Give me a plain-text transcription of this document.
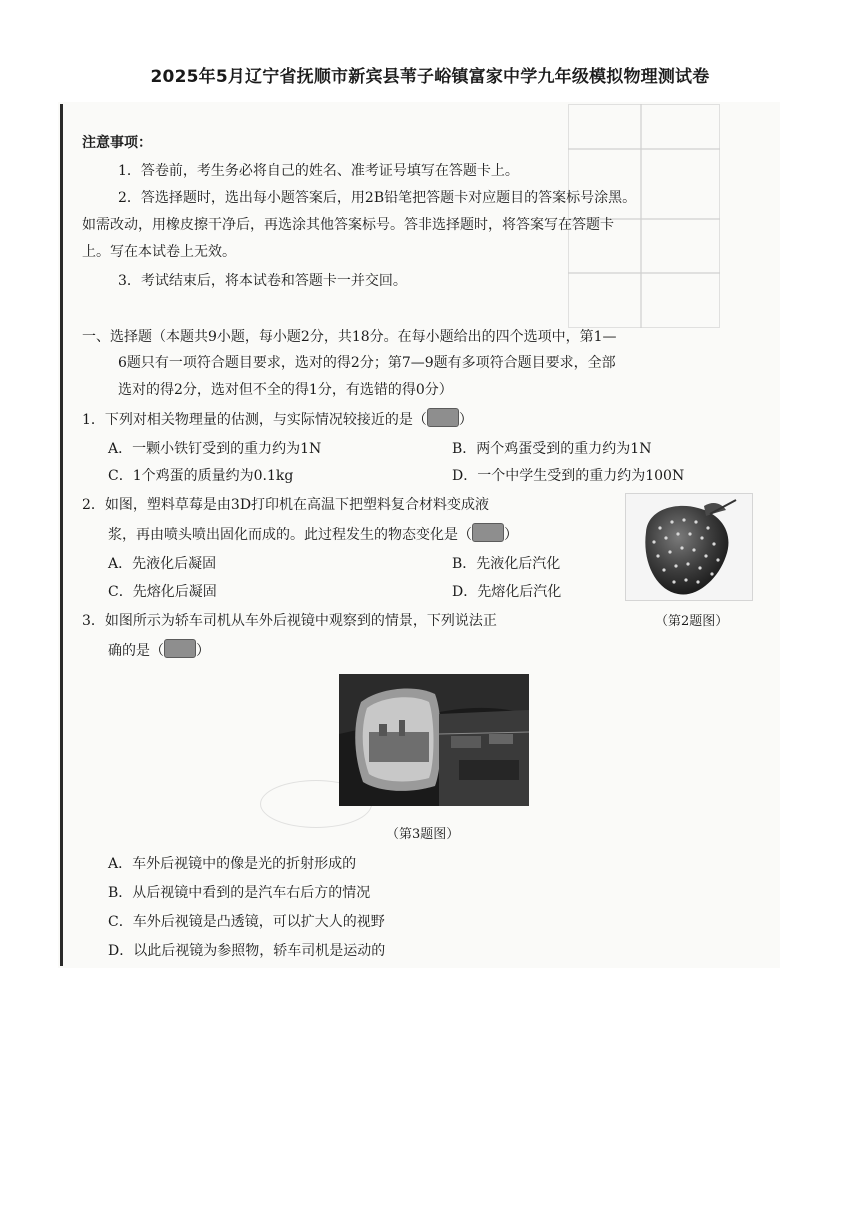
2025年5月辽宁省抚顺市新宾县苇子峪镇富家中学九年级模拟物理测试卷
注意事项：
1．答卷前，考生务必将自己的姓名、准考证号填写在答题卡上。
2．答选择题时，选出每小题答案后，用2B铅笔把答题卡对应题目的答案标号涂黑。
如需改动，用橡皮擦干净后，再选涂其他答案标号。答非选择题时，将答案写在答题卡
上。写在本试卷上无效。
3．考试结束后，将本试卷和答题卡一并交回。
一、选择题（本题共9小题，每小题2分，共18分。在每小题给出的四个选项中，第1—
6题只有一项符合题目要求，选对的得2分；第7—9题有多项符合题目要求，全部
选对的得2分，选对但不全的得1分，有选错的得0分）
1．下列对相关物理量的估测，与实际情况较接近的是（ ）
A．一颗小铁钉受到的重力约为1N	B．两个鸡蛋受到的重力约为1N
C．1个鸡蛋的质量约为0.1kg	D．一个中学生受到的重力约为100N
2．如图，塑料草莓是由3D打印机在高温下把塑料复合材料变成液
浆，再由喷头喷出固化而成的。此过程发生的物态变化是（ ）
A．先液化后凝固	B．先液化后汽化
C．先熔化后凝固	D．先熔化后汽化
（第2题图）
3．如图所示为轿车司机从车外后视镜中观察到的情景，下列说法正
确的是（ ）
（第3题图）
A．车外后视镜中的像是光的折射形成的
B．从后视镜中看到的是汽车右后方的情况
C．车外后视镜是凸透镜，可以扩大人的视野
D．以此后视镜为参照物，轿车司机是运动的
